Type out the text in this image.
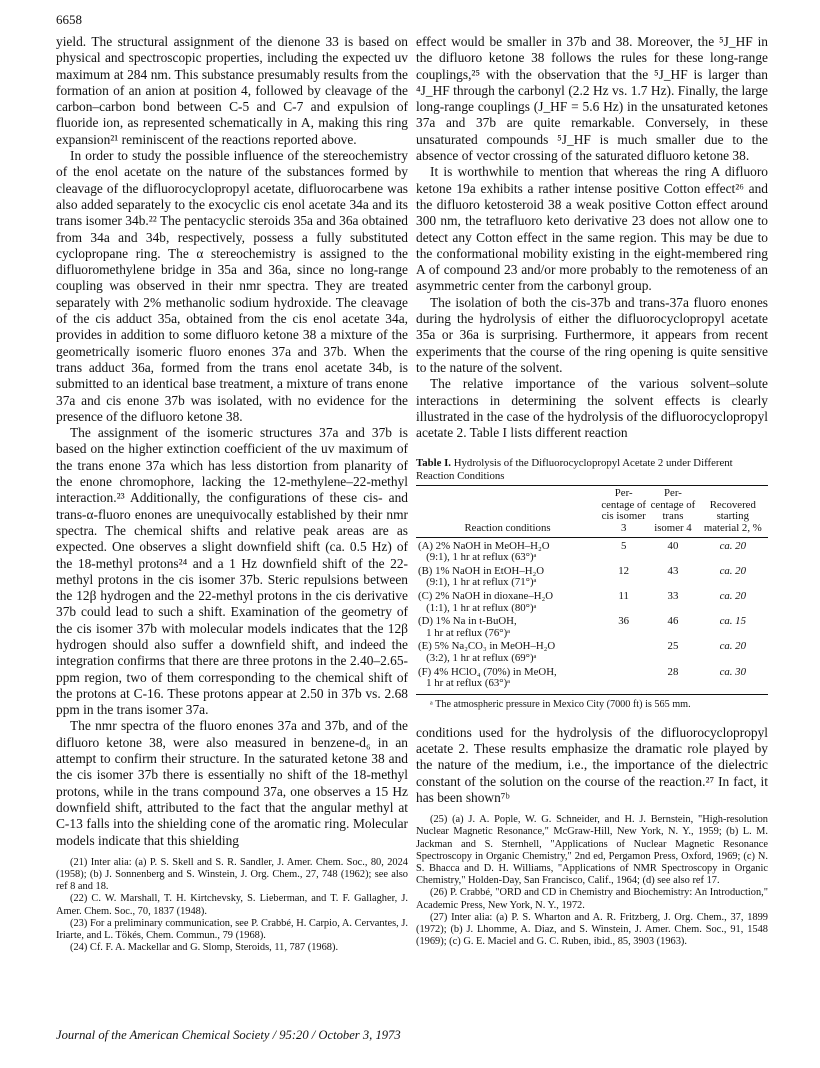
6658

yield. The structural assignment of the dienone 33 is based on physical and spectroscopic properties, including the expected uv maximum at 284 nm. This substance presumably results from the formation of an anion at position 4, followed by cleavage of the carbon–carbon bond between C-5 and C-7 and expulsion of fluoride ion, as represented schematically in A, making this ring expansion²¹ reminiscent of the reactions reported above.

In order to study the possible influence of the stereochemistry of the enol acetate on the nature of the substances formed by cleavage of the difluorocyclopropyl acetate, difluorocarbene was also added separately to the exocyclic cis enol acetate 34a and its trans isomer 34b.²² The pentacyclic steroids 35a and 36a obtained from 34a and 34b, respectively, possess a fully substituted cyclopropane ring. The α stereochemistry is assigned to the difluoromethylene bridge in 35a and 36a, since no long-range coupling was observed in their nmr spectra. They are treated separately with 2% methanolic sodium hydroxide. The cleavage of the cis adduct 35a, obtained from the cis enol acetate 34a, provides in addition to some difluoro ketone 38 a mixture of the geometrically isomeric fluoro enones 37a and 37b. When the trans adduct 36a, formed from the trans enol acetate 34b, is submitted to an identical base treatment, a mixture of trans enone 37a and cis enone 37b was isolated, with no evidence for the presence of the difluoro ketone 38.

The assignment of the isomeric structures 37a and 37b is based on the higher extinction coefficient of the uv maximum of the trans enone 37a which has less distortion from planarity of the enone chromophore, lacking the 12-methylene–22-methyl interaction.²³ Additionally, the configurations of these cis- and trans-α-fluoro enones are unequivocally established by their nmr spectra. The chemical shifts and relative peak areas are as expected. One observes a slight downfield shift (ca. 0.5 Hz) of the 18-methyl protons²⁴ and a 1 Hz downfield shift of the 22-methyl protons in the cis isomer 37b. Steric repulsions between the 12β hydrogen and the 22-methyl protons in the cis derivative 37b could lead to such a shift. Examination of the geometry of the cis isomer 37b with molecular models indicates that the 12β hydrogen should also suffer a downfield shift, and indeed the integration confirms that there are three protons in the 2.40–2.65-ppm region, two of them corresponding to the chemical shift of the protons at C-16. These protons appear at 2.50 in 37b vs. 2.68 ppm in the trans isomer 37a.

The nmr spectra of the fluoro enones 37a and 37b, and of the difluoro ketone 38, were also measured in benzene-d₆ in an attempt to confirm their structure. In the saturated ketone 38 and the cis isomer 37b there is essentially no shift of the 18-methyl protons, while in the trans compound 37a, one observes a 15 Hz downfield shift, attributed to the fact that the angular methyl at C-13 falls into the shielding cone of the aromatic ring. Molecular models indicate that this shielding

(21) Inter alia: (a) P. S. Skell and S. R. Sandler, J. Amer. Chem. Soc., 80, 2024 (1958); (b) J. Sonnenberg and S. Winstein, J. Org. Chem., 27, 748 (1962); see also ref 8 and 18.

(22) C. W. Marshall, T. H. Kirtchevsky, S. Lieberman, and T. F. Gallagher, J. Amer. Chem. Soc., 70, 1837 (1948).

(23) For a preliminary communication, see P. Crabbé, H. Carpio, A. Cervantes, J. Iriarte, and L. Tökés, Chem. Commun., 79 (1968).

(24) Cf. F. A. Mackellar and G. Slomp, Steroids, 11, 787 (1968).

effect would be smaller in 37b and 38. Moreover, the ⁵J_HF in the difluoro ketone 38 follows the rules for these long-range couplings,²⁵ with the observation that the ⁵J_HF is larger than ⁴J_HF through the carbonyl (2.2 Hz vs. 1.7 Hz). Finally, the large long-range couplings (J_HF = 5.6 Hz) in the unsaturated ketones 37a and 37b are quite remarkable. Conversely, in these unsaturated compounds ⁵J_HF is much smaller due to the absence of vector crossing of the saturated difluoro ketone 38.

It is worthwhile to mention that whereas the ring A difluoro ketone 19a exhibits a rather intense positive Cotton effect²⁶ and the difluoro ketosteroid 38 a weak positive Cotton effect around 300 nm, the tetrafluoro keto derivative 23 does not allow one to detect any Cotton effect in the same region. This may be due to the conformational mobility existing in the eight-membered ring A of compound 23 and/or more probably to the remoteness of an asymmetric center from the carbonyl group.

The isolation of both the cis-37b and trans-37a fluoro enones during the hydrolysis of either the difluorocyclopropyl acetate 35a or 36a is surprising. Furthermore, it appears from recent experiments that the course of the ring opening is quite sensitive to the nature of the solvent.

The relative importance of the various solvent–solute interactions in determining the solvent effects is clearly illustrated in the case of the hydrolysis of the difluorocyclopropyl acetate 2. Table I lists different reaction

Table I. Hydrolysis of the Difluorocyclopropyl Acetate 2 under Different Reaction Conditions
Reaction conditions	Per-centage of cis isomer 3	Per-centage of trans isomer 4	Recovered starting material 2, %

(A) 2% NaOH in MeOH–H₂O
(9:1), 1 hr at reflux (63°)ᵃ	5	40	ca. 20
(B) 1% NaOH in EtOH–H₂O
(9:1), 1 hr at reflux (71°)ᵃ	12	43	ca. 20
(C) 2% NaOH in dioxane–H₂O
(1:1), 1 hr at reflux (80°)ᵃ	11	33	ca. 20
(D) 1% Na in t-BuOH,
1 hr at reflux (76°)ᵃ	36	46	ca. 15
(E) 5% Na₂CO₃ in MeOH–H₂O
(3:2), 1 hr at reflux (69°)ᵃ		25	ca. 20
(F) 4% HClO₄ (70%) in MeOH,
1 hr at reflux (63°)ᵃ		28	ca. 30
ᵃ The atmospheric pressure in Mexico City (7000 ft) is 565 mm.

conditions used for the hydrolysis of the difluorocyclopropyl acetate 2. These results emphasize the dramatic role played by the nature of the medium, i.e., the importance of the dielectric constant of the solution on the course of the reaction.²⁷ In fact, it has been shown⁷ᵇ

(25) (a) J. A. Pople, W. G. Schneider, and H. J. Bernstein, "High-resolution Nuclear Magnetic Resonance," McGraw-Hill, New York, N. Y., 1959; (b) L. M. Jackman and S. Sternhell, "Applications of Nuclear Magnetic Resonance Spectroscopy in Organic Chemistry," 2nd ed, Pergamon Press, Oxford, 1969; (c) N. S. Bhacca and D. H. Williams, "Applications of NMR Spectroscopy in Organic Chemistry," Holden-Day, San Francisco, Calif., 1964; (d) see also ref 17.

(26) P. Crabbé, "ORD and CD in Chemistry and Biochemistry: An Introduction," Academic Press, New York, N. Y., 1972.

(27) Inter alia: (a) P. S. Wharton and A. R. Fritzberg, J. Org. Chem., 37, 1899 (1972); (b) J. Lhomme, A. Diaz, and S. Winstein, J. Amer. Chem. Soc., 91, 1548 (1969); (c) G. E. Maciel and G. C. Ruben, ibid., 85, 3903 (1963).

Journal of the American Chemical Society / 95:20 / October 3, 1973
